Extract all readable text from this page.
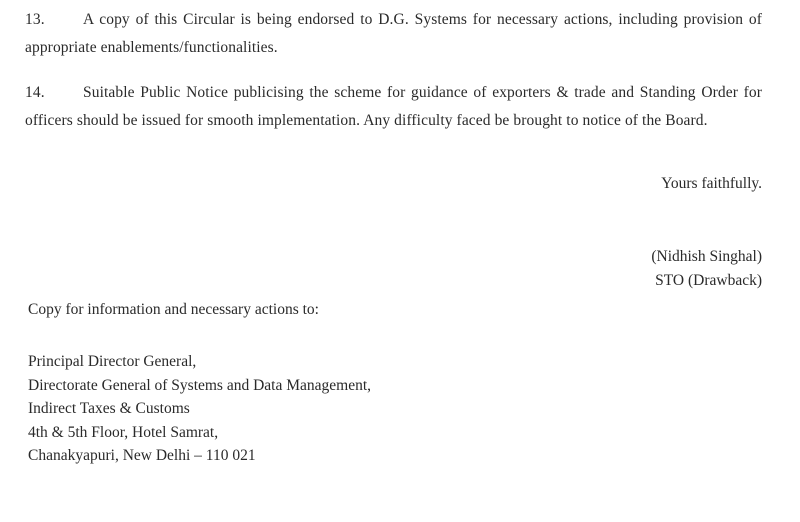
13. A copy of this Circular is being endorsed to D.G. Systems for necessary actions, including provision of appropriate enablements/functionalities.
14. Suitable Public Notice publicising the scheme for guidance of exporters & trade and Standing Order for officers should be issued for smooth implementation. Any difficulty faced be brought to notice of the Board.
Yours faithfully.
(Nidhish Singhal)
STO (Drawback)
Copy for information and necessary actions to:
Principal Director General,
Directorate General of Systems and Data Management,
Indirect Taxes & Customs
4th & 5th Floor, Hotel Samrat,
Chanakyapuri, New Delhi – 110 021
